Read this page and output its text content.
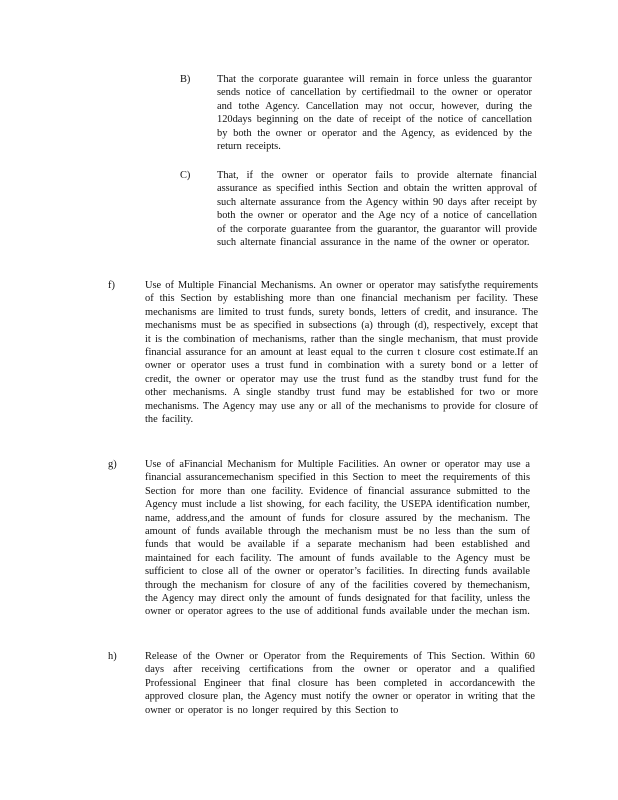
B)	That the corporate guarantee will remain in force unless the guarantor sends notice of cancellation by certifiedmail to the owner or operator and tothe Agency. Cancellation may not occur, however, during the 120days beginning on the date of receipt of the notice of cancellation by both the owner or operator and the Agency, as evidenced by the return receipts.
C)	That, if the owner or operator fails to provide alternate financial assurance as specified inthis Section and obtain the written approval of such alternate assurance from the Agency within 90 days after receipt by both the owner or operator and the Age ncy of a notice of cancellation of the corporate guarantee from the guarantor, the guarantor will provide such alternate financial assurance in the name of the owner or operator.
f)	Use of Multiple Financial Mechanisms. An owner or operator may satisfythe requirements of this Section by establishing more than one financial mechanism per facility. These mechanisms are limited to trust funds, surety bonds, letters of credit, and insurance. The mechanisms must be as specified in subsections (a) through (d), respectively, except that it is the combination of mechanisms, rather than the single mechanism, that must provide financial assurance for an amount at least equal to the curren t closure cost estimate.If an owner or operator uses a trust fund in combination with a surety bond or a letter of credit, the owner or operator may use the trust fund as the standby trust fund for the other mechanisms. A single standby trust fund may be established for two or more mechanisms. The Agency may use any or all of the mechanisms to provide for closure of the facility.
g)	Use of aFinancial Mechanism for Multiple Facilities. An owner or operator may use a financial assurancemechanism specified in this Section to meet the requirements of this Section for more than one facility. Evidence of financial assurance submitted to the Agency must include a list showing, for each facility, the USEPA identification number, name, address,and the amount of funds for closure assured by the mechanism. The amount of funds available through the mechanism must be no less than the sum of funds that would be available if a separate mechanism had been established and maintained for each facility. The amount of funds available to the Agency must be sufficient to close all of the owner or operator’s facilities. In directing funds available through the mechanism for closure of any of the facilities covered by themechanism, the Agency may direct only the amount of funds designated for that facility, unless the owner or operator agrees to the use of additional funds available under the mechan ism.
h)	Release of the Owner or Operator from the Requirements of This Section. Within 60 days after receiving certifications from the owner or operator and a qualified Professional Engineer that final closure has been completed in accordancewith the approved closure plan, the Agency must notify the owner or operator in writing that the owner or operator is no longer required by this Section to
